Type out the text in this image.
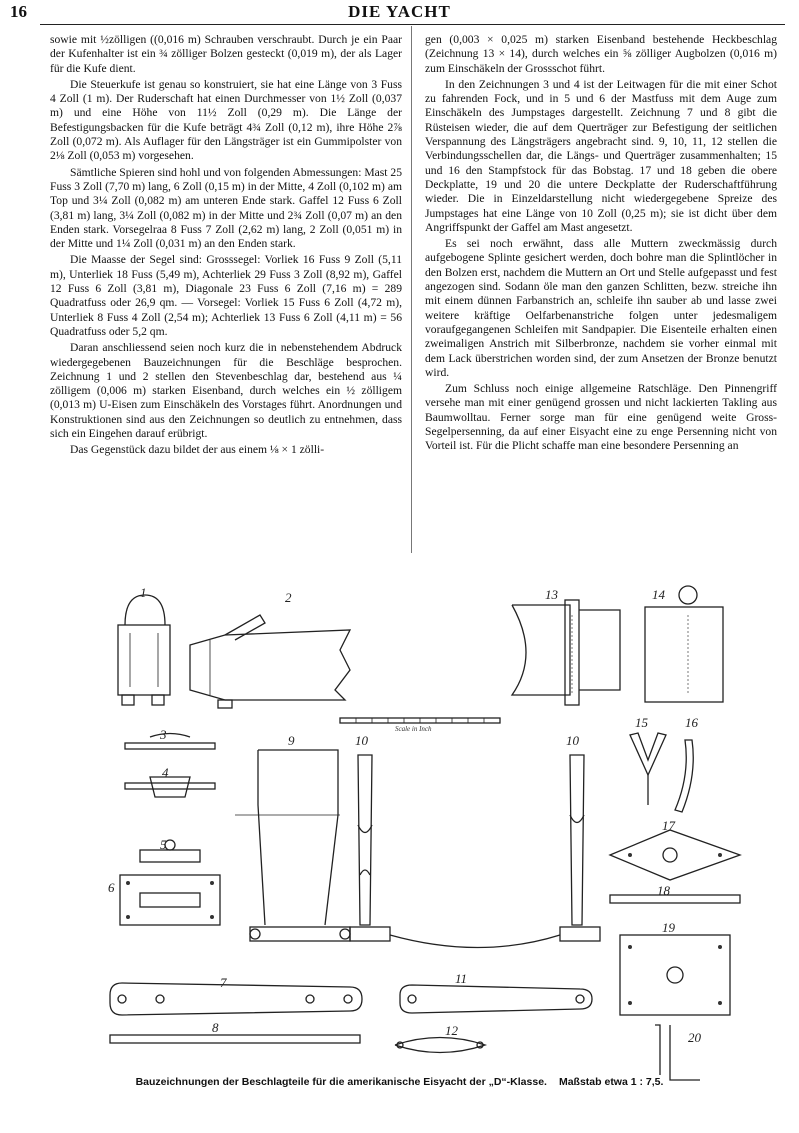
16	DIE YACHT

sowie mit ½zölligen ((0,016 m) Schrauben verschraubt. Durch je ein Paar der Kufenhalter ist ein ¾ zölliger Bolzen gesteckt (0,019 m), der als Lager für die Kufe dient.

Die Steuerkufe ist genau so konstruiert, sie hat eine Länge von 3 Fuss 4 Zoll (1 m). Der Ruderschaft hat einen Durchmesser von 1½ Zoll (0,037 m) und eine Höhe von 11½ Zoll (0,29 m). Die Länge der Befestigungsbacken für die Kufe beträgt 4¾ Zoll (0,12 m), ihre Höhe 2⅞ Zoll (0,072 m). Als Auflager für den Längsträger ist ein Gummipolster von 2⅛ Zoll (0,053 m) vorgesehen.

Sämtliche Spieren sind hohl und von folgenden Abmessungen: Mast 25 Fuss 3 Zoll (7,70 m) lang, 6 Zoll (0,15 m) in der Mitte, 4 Zoll (0,102 m) am Top und 3¼ Zoll (0,082 m) am unteren Ende stark. Gaffel 12 Fuss 6 Zoll (3,81 m) lang, 3¼ Zoll (0,082 m) in der Mitte und 2¾ Zoll (0,07 m) an den Enden stark. Vorsegelraa 8 Fuss 7 Zoll (2,62 m) lang, 2 Zoll (0,051 m) in der Mitte und 1¼ Zoll (0,031 m) an den Enden stark.

Die Maasse der Segel sind: Grosssegel: Vorliek 16 Fuss 9 Zoll (5,11 m), Unterliek 18 Fuss (5,49 m), Achterliek 29 Fuss 3 Zoll (8,92 m), Gaffel 12 Fuss 6 Zoll (3,81 m), Diagonale 23 Fuss 6 Zoll (7,16 m) = 289 Quadratfuss oder 26,9 qm. — Vorsegel: Vorliek 15 Fuss 6 Zoll (4,72 m), Unterliek 8 Fuss 4 Zoll (2,54 m); Achterliek 13 Fuss 6 Zoll (4,11 m) = 56 Quadratfuss oder 5,2 qm.

Daran anschliessend seien noch kurz die in nebenstehendem Abdruck wiedergegebenen Bauzeichnungen für die Beschläge besprochen. Zeichnung 1 und 2 stellen den Stevenbeschlag dar, bestehend aus ¼ zölligem (0,006 m) starken Eisenband, durch welches ein ½ zölligem (0,013 m) U-Eisen zum Einschäkeln des Vorstages führt. Anordnungen und Konstruktionen sind aus den Zeichnungen so deutlich zu entnehmen, dass sich ein Eingehen darauf erübrigt.

Das Gegenstück dazu bildet der aus einem ⅛ × 1 zölli-

gen (0,003 × 0,025 m) starken Eisenband bestehende Heckbeschlag (Zeichnung 13 × 14), durch welches ein ⅝ zölliger Augbolzen (0,016 m) zum Einschäkeln der Grossschot führt.

In den Zeichnungen 3 und 4 ist der Leitwagen für die mit einer Schot zu fahrenden Fock, und in 5 und 6 der Mastfuss mit dem Auge zum Einschäkeln des Jumpstages dargestellt. Zeichnung 7 und 8 gibt die Rüsteisen wieder, die auf dem Querträger zur Befestigung der seitlichen Verspannung des Längsträgers angebracht sind. 9, 10, 11, 12 stellen die Verbindungsschellen dar, die Längs- und Querträger zusammenhalten; 15 und 16 den Stampfstock für das Bobstag. 17 und 18 geben die obere Deckplatte, 19 und 20 die untere Deckplatte der Ruderschaftführung wieder. Die in Einzeldarstellung nicht wiedergegebene Spreize des Jumpstages hat eine Länge von 10 Zoll (0,25 m); sie ist dicht über dem Angriffspunkt der Gaffel am Mast angesetzt.

Es sei noch erwähnt, dass alle Muttern zweckmässig durch aufgebogene Splinte gesichert werden, doch bohre man die Splintlöcher in den Bolzen erst, nachdem die Muttern an Ort und Stelle aufgepasst und fest angezogen sind. Sodann öle man den ganzen Schlitten, bezw. streiche ihn mit einem dünnen Farbanstrich an, schleife ihn sauber ab und lasse zwei weitere kräftige Oelfarbenanstriche folgen unter jedesmaligem voraufgegangenen Schleifen mit Sandpapier. Die Eisenteile erhalten einen zweimaligen Anstrich mit Silberbronze, nachdem sie vorher einmal mit dem Lack überstrichen worden sind, der zum Ansetzen der Bronze benutzt wird.

Zum Schluss noch einige allgemeine Ratschläge. Den Pinnengriff versehe man mit einer genügend grossen und nicht lackierten Takling aus Baumwolltau. Ferner sorge man für eine genügend weite Gross-Segelpersenning, da auf einer Eisyacht eine zu enge Persenning nicht von Vorteil ist. Für die Plicht schaffe man eine besondere Persenning an

1	2
3
4
5
6
7
8
9	10	10
11
12
13	14
15	16
17
18
19
20
Scale in Inch
Bauzeichnungen der Beschlagteile für die amerikanische Eisyacht der „D“-Klasse. Maßstab etwa 1 : 7,5.
